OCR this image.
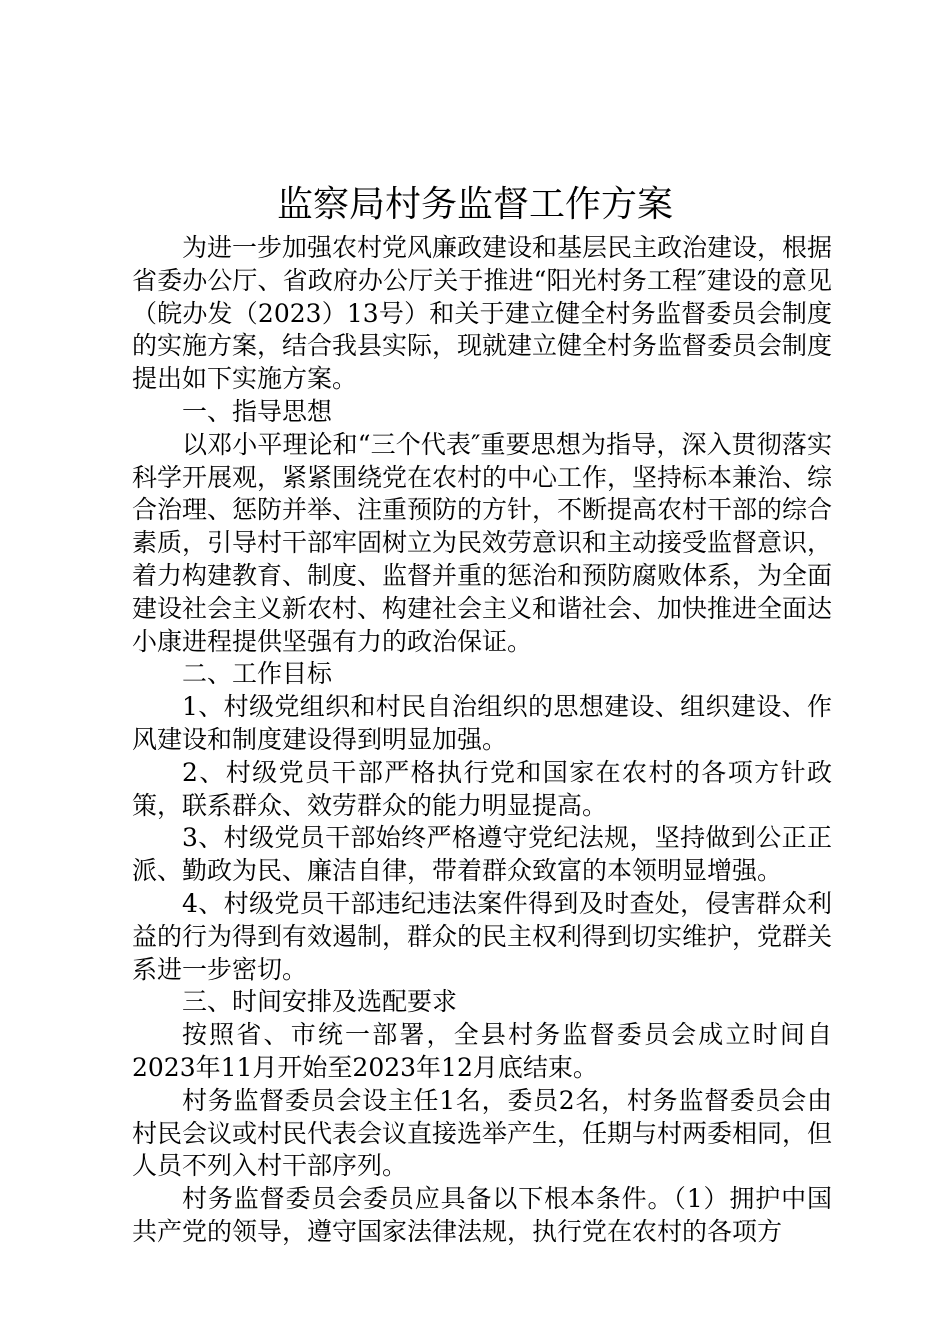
监察局村务监督工作方案

为进一步加强农村党风廉政建设和基层民主政治建设，根据省委办公厅、省政府办公厅关于推进“阳光村务工程″建设的意见（皖办发（2023）13号）和关于建立健全村务监督委员会制度的实施方案，结合我县实际，现就建立健全村务监督委员会制度提出如下实施方案。

一、指导思想

以邓小平理论和“三个代表″重要思想为指导，深入贯彻落实科学开展观，紧紧围绕党在农村的中心工作，坚持标本兼治、综合治理、惩防并举、注重预防的方针，不断提高农村干部的综合素质，引导村干部牢固树立为民效劳意识和主动接受监督意识，着力构建教育、制度、监督并重的惩治和预防腐败体系，为全面建设社会主义新农村、构建社会主义和谐社会、加快推进全面达小康进程提供坚强有力的政治保证。

二、工作目标

1、村级党组织和村民自治组织的思想建设、组织建设、作风建设和制度建设得到明显加强。

2、村级党员干部严格执行党和国家在农村的各项方针政策，联系群众、效劳群众的能力明显提高。

3、村级党员干部始终严格遵守党纪法规，坚持做到公正正派、勤政为民、廉洁自律，带着群众致富的本领明显增强。

4、村级党员干部违纪违法案件得到及时查处，侵害群众利益的行为得到有效遏制，群众的民主权利得到切实维护，党群关系进一步密切。

三、时间安排及选配要求

按照省、市统一部署，全县村务监督委员会成立时间自2023年11月开始至2023年12月底结束。

村务监督委员会设主任1名，委员2名，村务监督委员会由村民会议或村民代表会议直接选举产生，任期与村两委相同，但人员不列入村干部序列。

村务监督委员会委员应具备以下根本条件。（1）拥护中国共产党的领导，遵守国家法律法规，执行党在农村的各项方
